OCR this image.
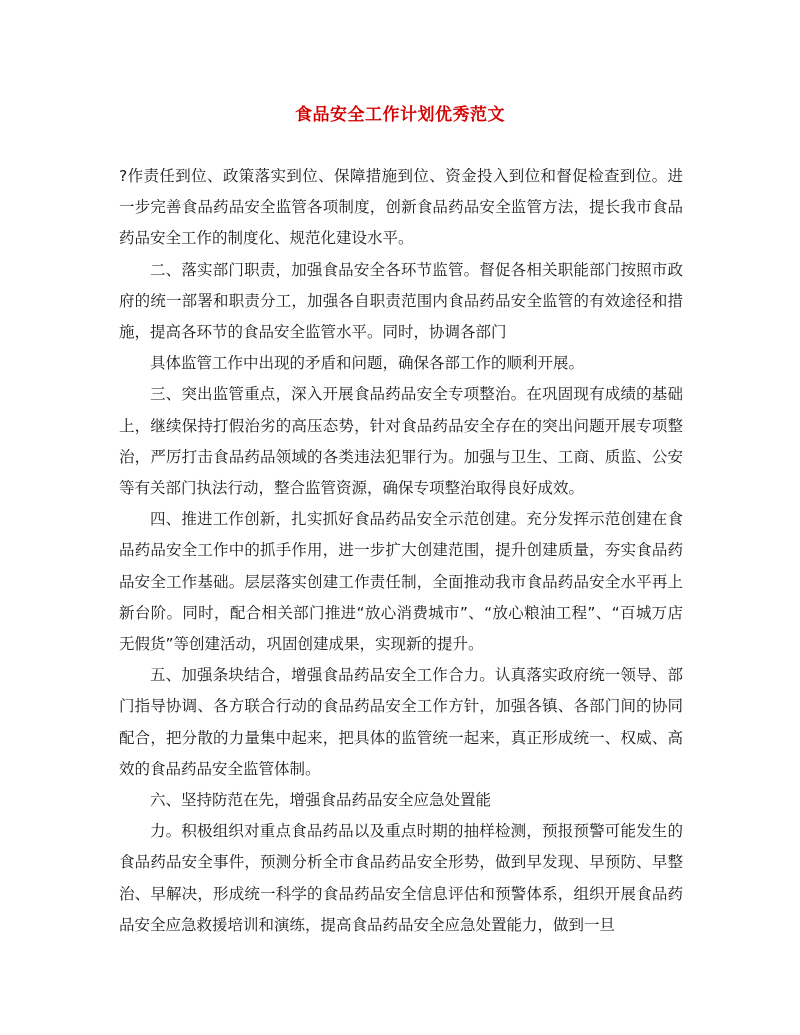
食品安全工作计划优秀范文

?作责任到位、政策落实到位、保障措施到位、资金投入到位和督促检查到位。进一步完善食品药品安全监管各项制度，创新食品药品安全监管方法，提长我市食品药品安全工作的制度化、规范化建设水平。

二、落实部门职责，加强食品安全各环节监管。督促各相关职能部门按照市政府的统一部署和职责分工，加强各自职责范围内食品药品安全监管的有效途径和措施，提高各环节的食品安全监管水平。同时，协调各部门

具体监管工作中出现的矛盾和问题，确保各部工作的顺利开展。

三、突出监管重点，深入开展食品药品安全专项整治。在巩固现有成绩的基础上，继续保持打假治劣的高压态势，针对食品药品安全存在的突出问题开展专项整治，严厉打击食品药品领域的各类违法犯罪行为。加强与卫生、工商、质监、公安等有关部门执法行动，整合监管资源，确保专项整治取得良好成效。

四、推进工作创新，扎实抓好食品药品安全示范创建。充分发挥示范创建在食品药品安全工作中的抓手作用，进一步扩大创建范围，提升创建质量，夯实食品药品安全工作基础。层层落实创建工作责任制，全面推动我市食品药品安全水平再上新台阶。同时，配合相关部门推进“放心消费城市”、“放心粮油工程”、“百城万店无假货”等创建活动，巩固创建成果，实现新的提升。

五、加强条块结合，增强食品药品安全工作合力。认真落实政府统一领导、部门指导协调、各方联合行动的食品药品安全工作方针，加强各镇、各部门间的协同配合，把分散的力量集中起来，把具体的监管统一起来，真正形成统一、权威、高效的食品药品安全监管体制。

六、坚持防范在先，增强食品药品安全应急处置能

力。积极组织对重点食品药品以及重点时期的抽样检测，预报预警可能发生的食品药品安全事件，预测分析全市食品药品安全形势，做到早发现、早预防、早整治、早解决，形成统一科学的食品药品安全信息评估和预警体系，组织开展食品药品安全应急救援培训和演练，提高食品药品安全应急处置能力，做到一旦
